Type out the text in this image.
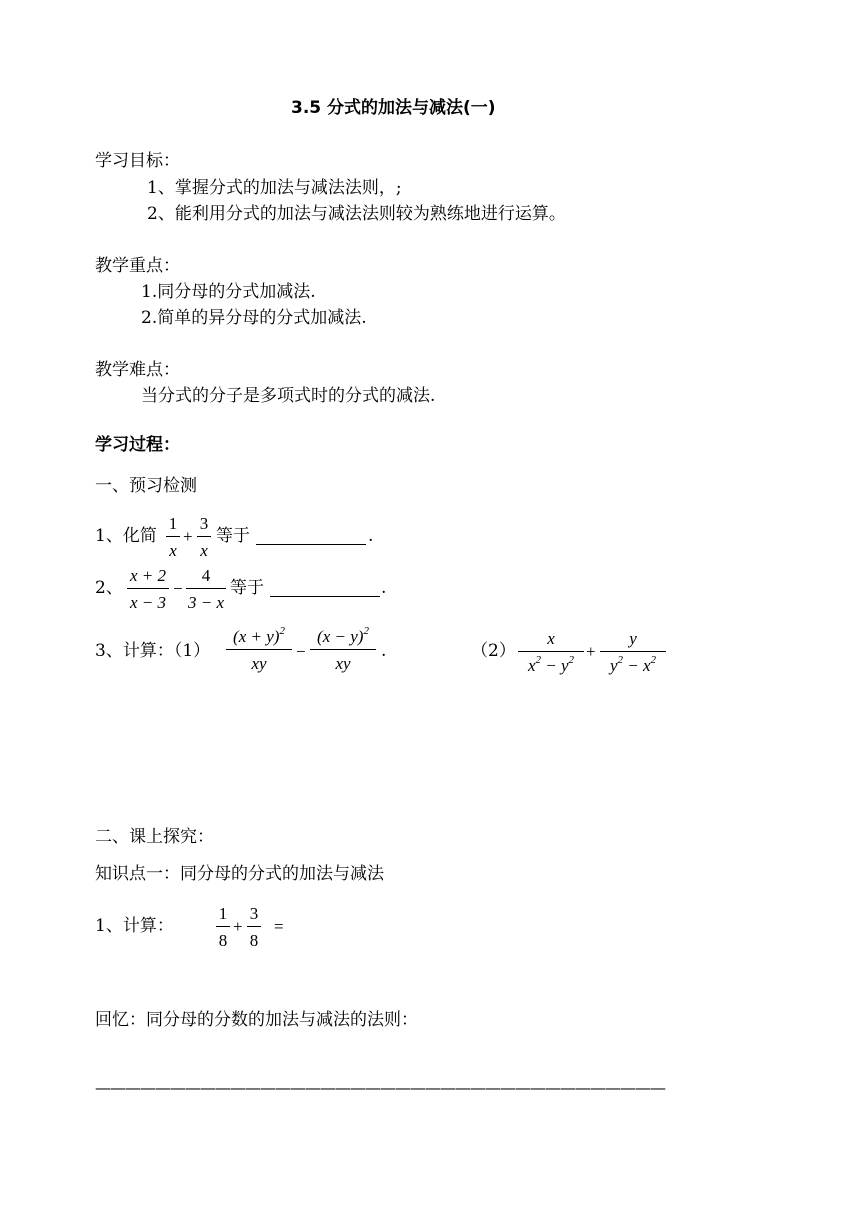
3.5 分式的加法与减法(一)
学习目标：
1、掌握分式的加法与减法法则，;
2、能利用分式的加法与减法法则较为熟练地进行运算。
教学重点：
1.同分母的分式加减法.
2.简单的异分母的分式加减法.
教学难点：
当分式的分子是多项式时的分式的减法.
学习过程：
一、预习检测
1、化简
1
x
+
3
x
等于	.
2、
x + 2
x − 3
−
4
3 − x
等于	.
3、计算：（1）
$(x + y)^2$
xy
−
$(x - y)^2$
xy
.	（2）
x
$x^2 - y^2$ +
y
$y^2 - x^2$
二、课上探究：
知识点一：同分母的分式的加法与减法
1、计算：
1
8
+
3
8
=
回忆：同分母的分数的加法与减法的法则：
——————————————————————————————————————
